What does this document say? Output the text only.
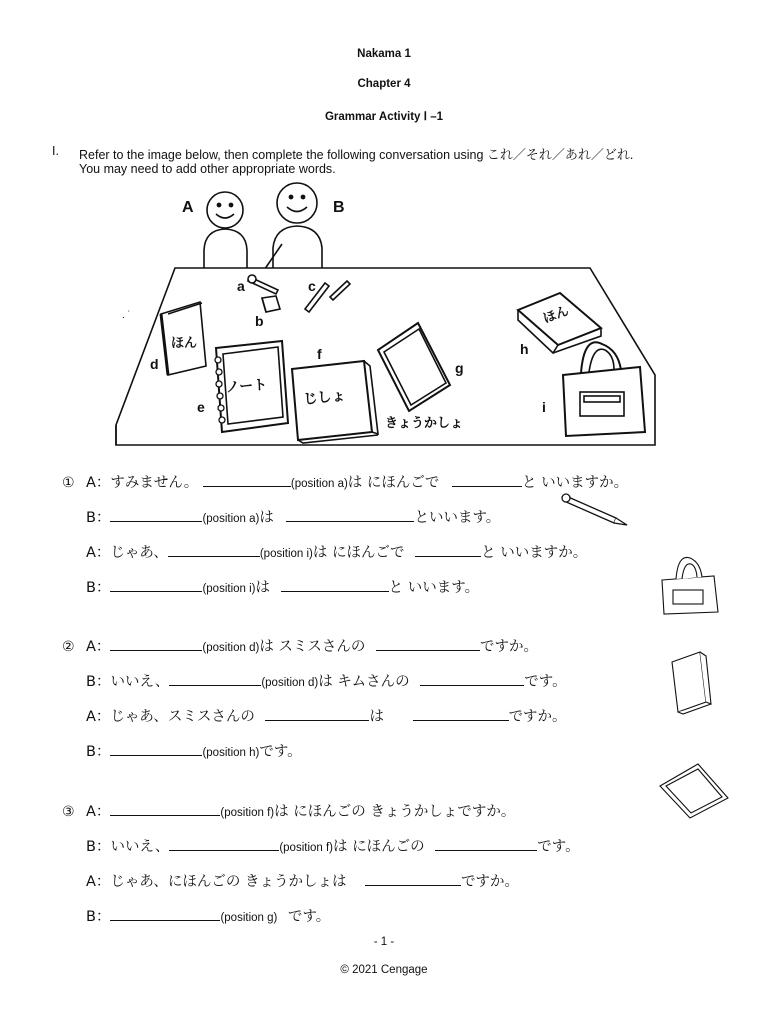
Nakama 1
Chapter 4
Grammar Activity Ⅰ –1
I. Refer to the image below, then complete the following conversation using これ／それ／あれ／どれ.
You may need to add other appropriate words.
A	B
a
b
c
d
e
f
g
h
i
. ˙
ほん
ノート
じしょ
きょうかしょ
ほん
① A：すみません。	(position a)は にほんごで	と いいますか。
B：	(position a)は	といいます。
A：じゃあ、	(position i)は にほんごで	と いいますか。
B：	(position i)は	と いいます。
② A：	(position d)は スミスさんの	ですか。
B：いいえ、	(position d)は キムさんの	です。
A：じゃあ、スミスさんの	は	ですか。
B：	(position h)です。
③ A：	(position f)は にほんごの きょうかしょですか。
B：いいえ、	(position f)は にほんごの	です。
A：じゃあ、にほんごの きょうかしょは	ですか。
B：	(position g) です。
- 1 -
© 2021 Cengage
